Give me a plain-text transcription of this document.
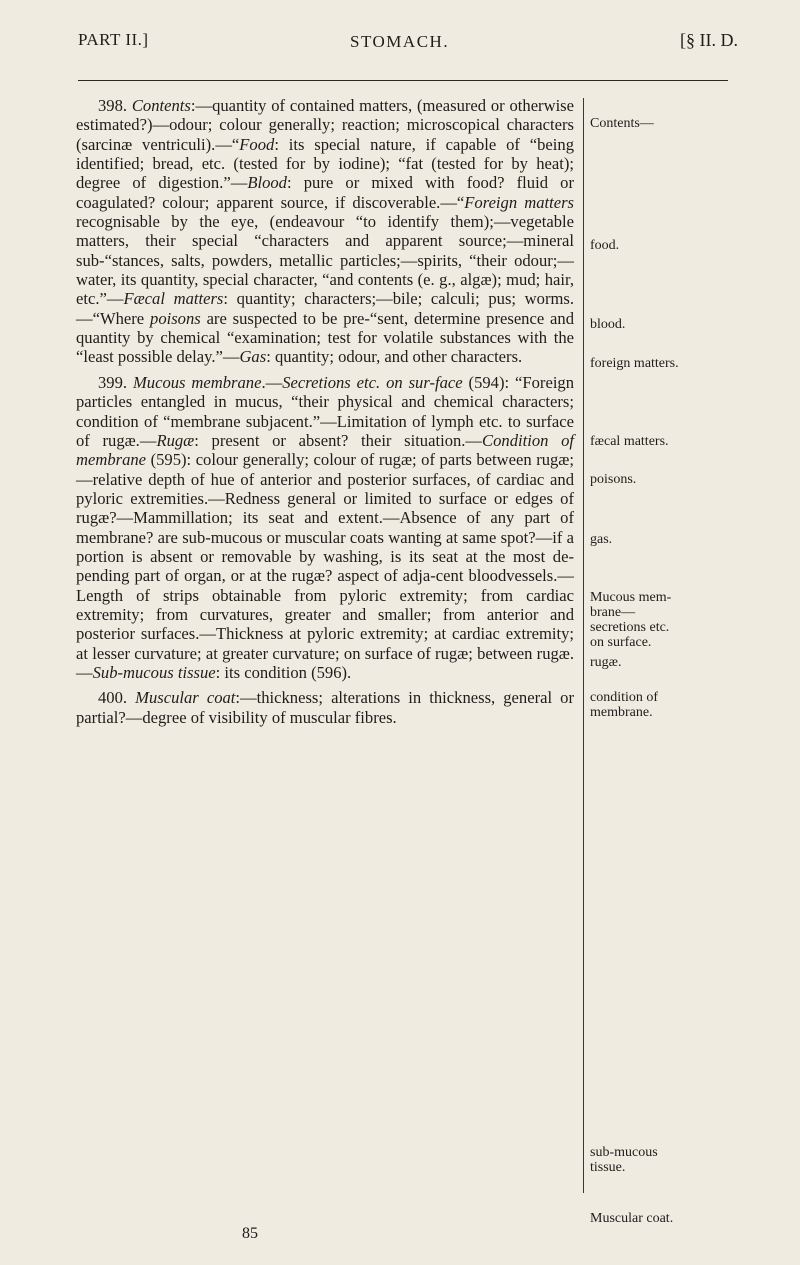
PART II.]	STOMACH.	[§ II. D.

398. Contents:—quantity of contained matters, (measured or otherwise estimated?)—odour; colour generally; reaction; microscopical characters (sarcinæ ventriculi).—“Food: its special nature, if capable of “being identified; bread, etc. (tested for by iodine); “fat (tested for by heat); degree of digestion.”—Blood: pure or mixed with food? fluid or coagulated? colour; apparent source, if discoverable.—“Foreign matters recognisable by the eye, (endeavour “to identify them);—vegetable matters, their special “characters and apparent source;—mineral sub-“stances, salts, powders, metallic particles;—spirits, “their odour;—water, its quantity, special character, “and contents (e. g., algæ); mud; hair, etc.”—Fæcal matters: quantity; characters;—bile; calculi; pus; worms.—“Where poisons are suspected to be pre-“sent, determine presence and quantity by chemical “examination; test for volatile substances with the “least possible delay.”—Gas: quantity; odour, and other characters.

399. Mucous membrane.—Secretions etc. on sur-face (594): “Foreign particles entangled in mucus, “their physical and chemical characters; condition of “membrane subjacent.”—Limitation of lymph etc. to surface of rugæ.—Rugæ: present or absent? their situation.—Condition of membrane (595): colour generally; colour of rugæ; of parts between rugæ;—relative depth of hue of anterior and posterior surfaces, of cardiac and pyloric extremities.—Redness general or limited to surface or edges of rugæ?—Mammillation; its seat and extent.—Absence of any part of membrane? are sub-mucous or muscular coats wanting at same spot?—if a portion is absent or removable by washing, is its seat at the most de-pending part of organ, or at the rugæ? aspect of adja-cent bloodvessels.—Length of strips obtainable from pyloric extremity; from cardiac extremity; from curvatures, greater and smaller; from anterior and posterior surfaces.—Thickness at pyloric extremity; at cardiac extremity; at lesser curvature; at greater curvature; on surface of rugæ; between rugæ.—Sub-mucous tissue: its condition (596).

400. Muscular coat:—thickness; alterations in thickness, general or partial?—degree of visibility of muscular fibres.

Contents—
food.
blood.
foreign matters.
fæcal matters.
poisons.
gas.
Mucous mem-
brane—
secretions etc.
on surface.
rugæ.
condition of
membrane.
sub-mucous
tissue.
Muscular coat.
85
